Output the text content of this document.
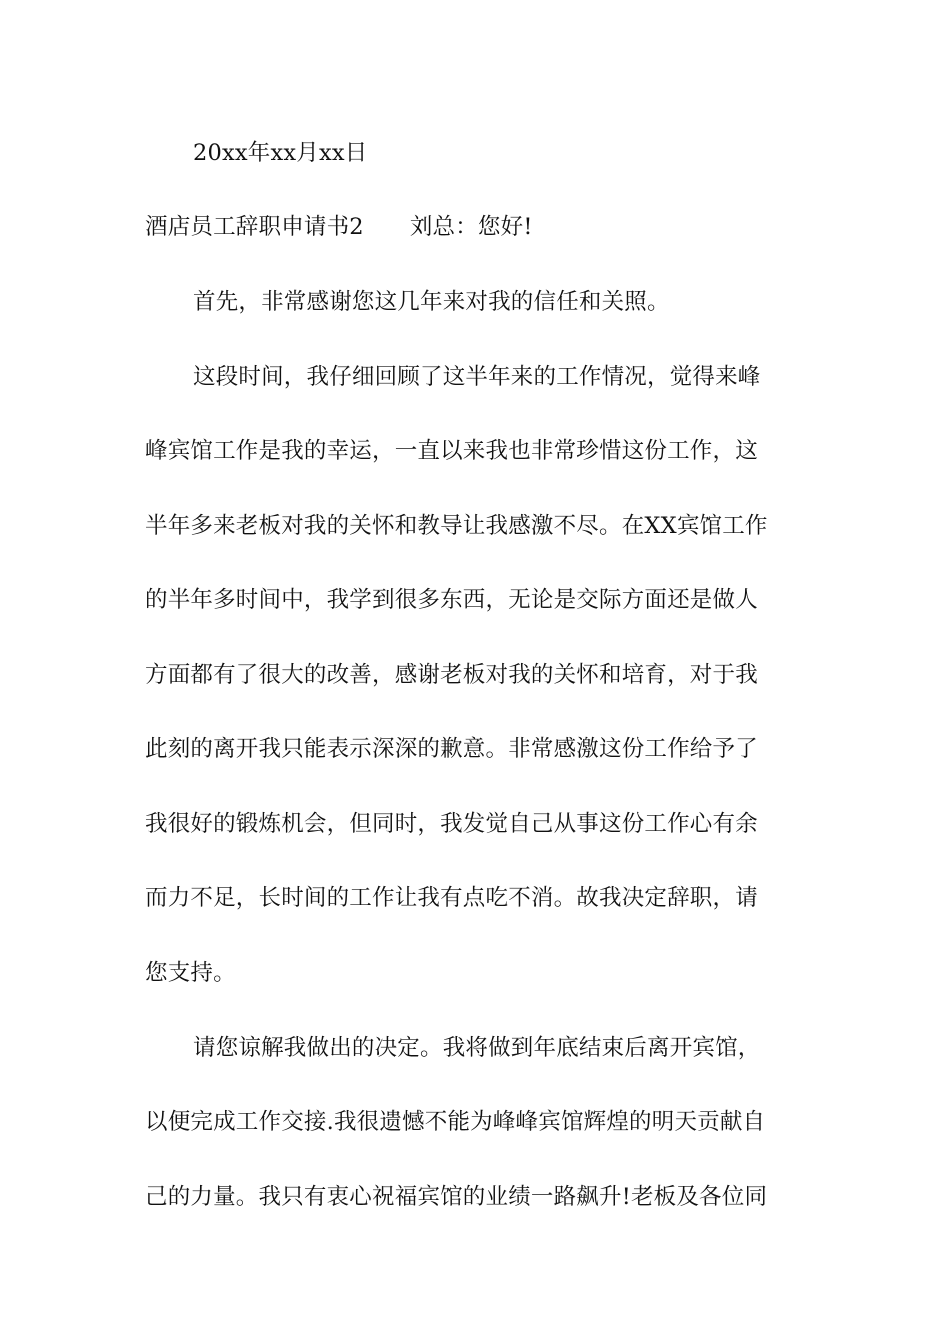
20xx年xx月xx日
酒店员工辞职申请书2 刘总：您好!
首先，非常感谢您这几年来对我的信任和关照。
这段时间，我仔细回顾了这半年来的工作情况，觉得来峰
峰宾馆工作是我的幸运，一直以来我也非常珍惜这份工作，这
半年多来老板对我的关怀和教导让我感激不尽。在XX宾馆工作
的半年多时间中，我学到很多东西，无论是交际方面还是做人
方面都有了很大的改善，感谢老板对我的关怀和培育，对于我
此刻的离开我只能表示深深的歉意。非常感激这份工作给予了
我很好的锻炼机会，但同时，我发觉自己从事这份工作心有余
而力不足，长时间的工作让我有点吃不消。故我决定辞职，请
您支持。
请您谅解我做出的决定。我将做到年底结束后离开宾馆，
以便完成工作交接.我很遗憾不能为峰峰宾馆辉煌的明天贡献自
己的力量。我只有衷心祝福宾馆的业绩一路飙升!老板及各位同
